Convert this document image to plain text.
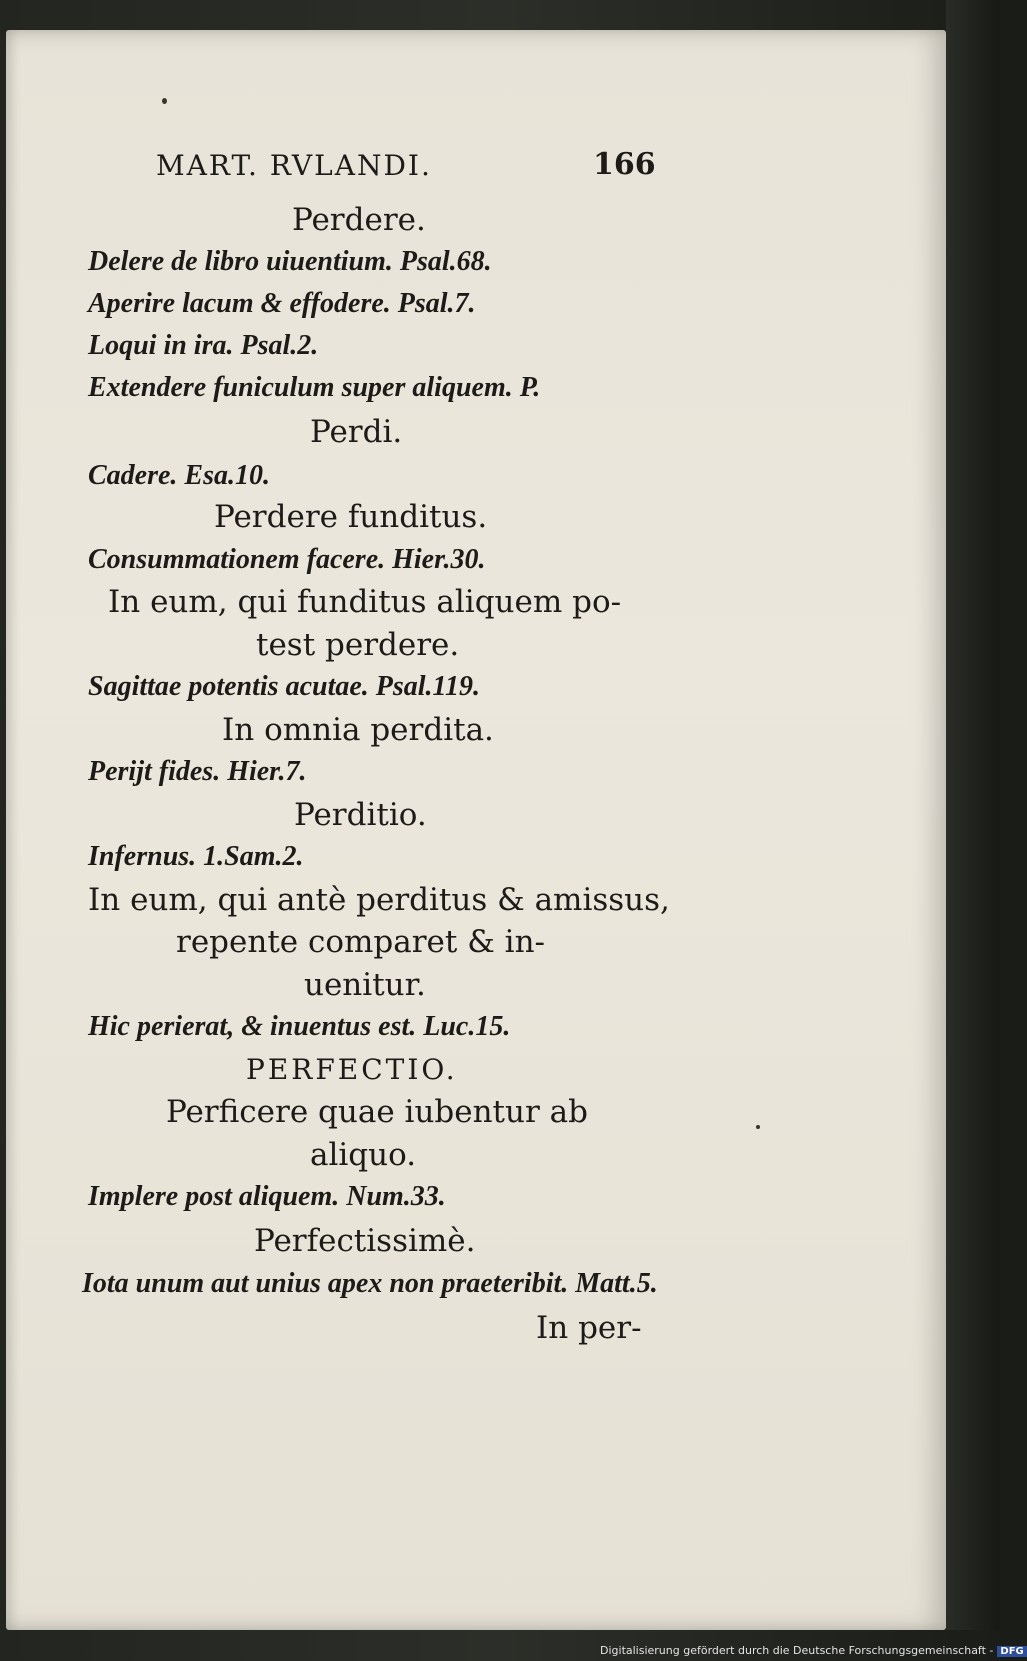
MART. RVLANDI.	166
Perdere.
Delere de libro uiuentium. Psal.68.
Aperire lacum & effodere. Psal.7.
Loqui in ira. Psal.2.
Extendere funiculum super aliquem. P.
Perdi.
Cadere. Esa.10.
Perdere funditus.
Consummationem facere. Hier.30.
In eum, qui funditus aliquem po-
test perdere.
Sagittae potentis acutae. Psal.119.
In omnia perdita.
Perijt fides. Hier.7.
Perditio.
Infernus. 1.Sam.2.
In eum, qui antè perditus & amissus,
repente comparet & in-
uenitur.
Hic perierat, & inuentus est. Luc.15.
PERFECTIO.
Perficere quae iubentur ab
aliquo.
Implere post aliquem. Num.33.
Perfectissimè.
Iota unum aut unius apex non praeteribit. Matt.5.
In per-
Digitalisierung gefördert durch die Deutsche Forschungsgemeinschaft - DFG
